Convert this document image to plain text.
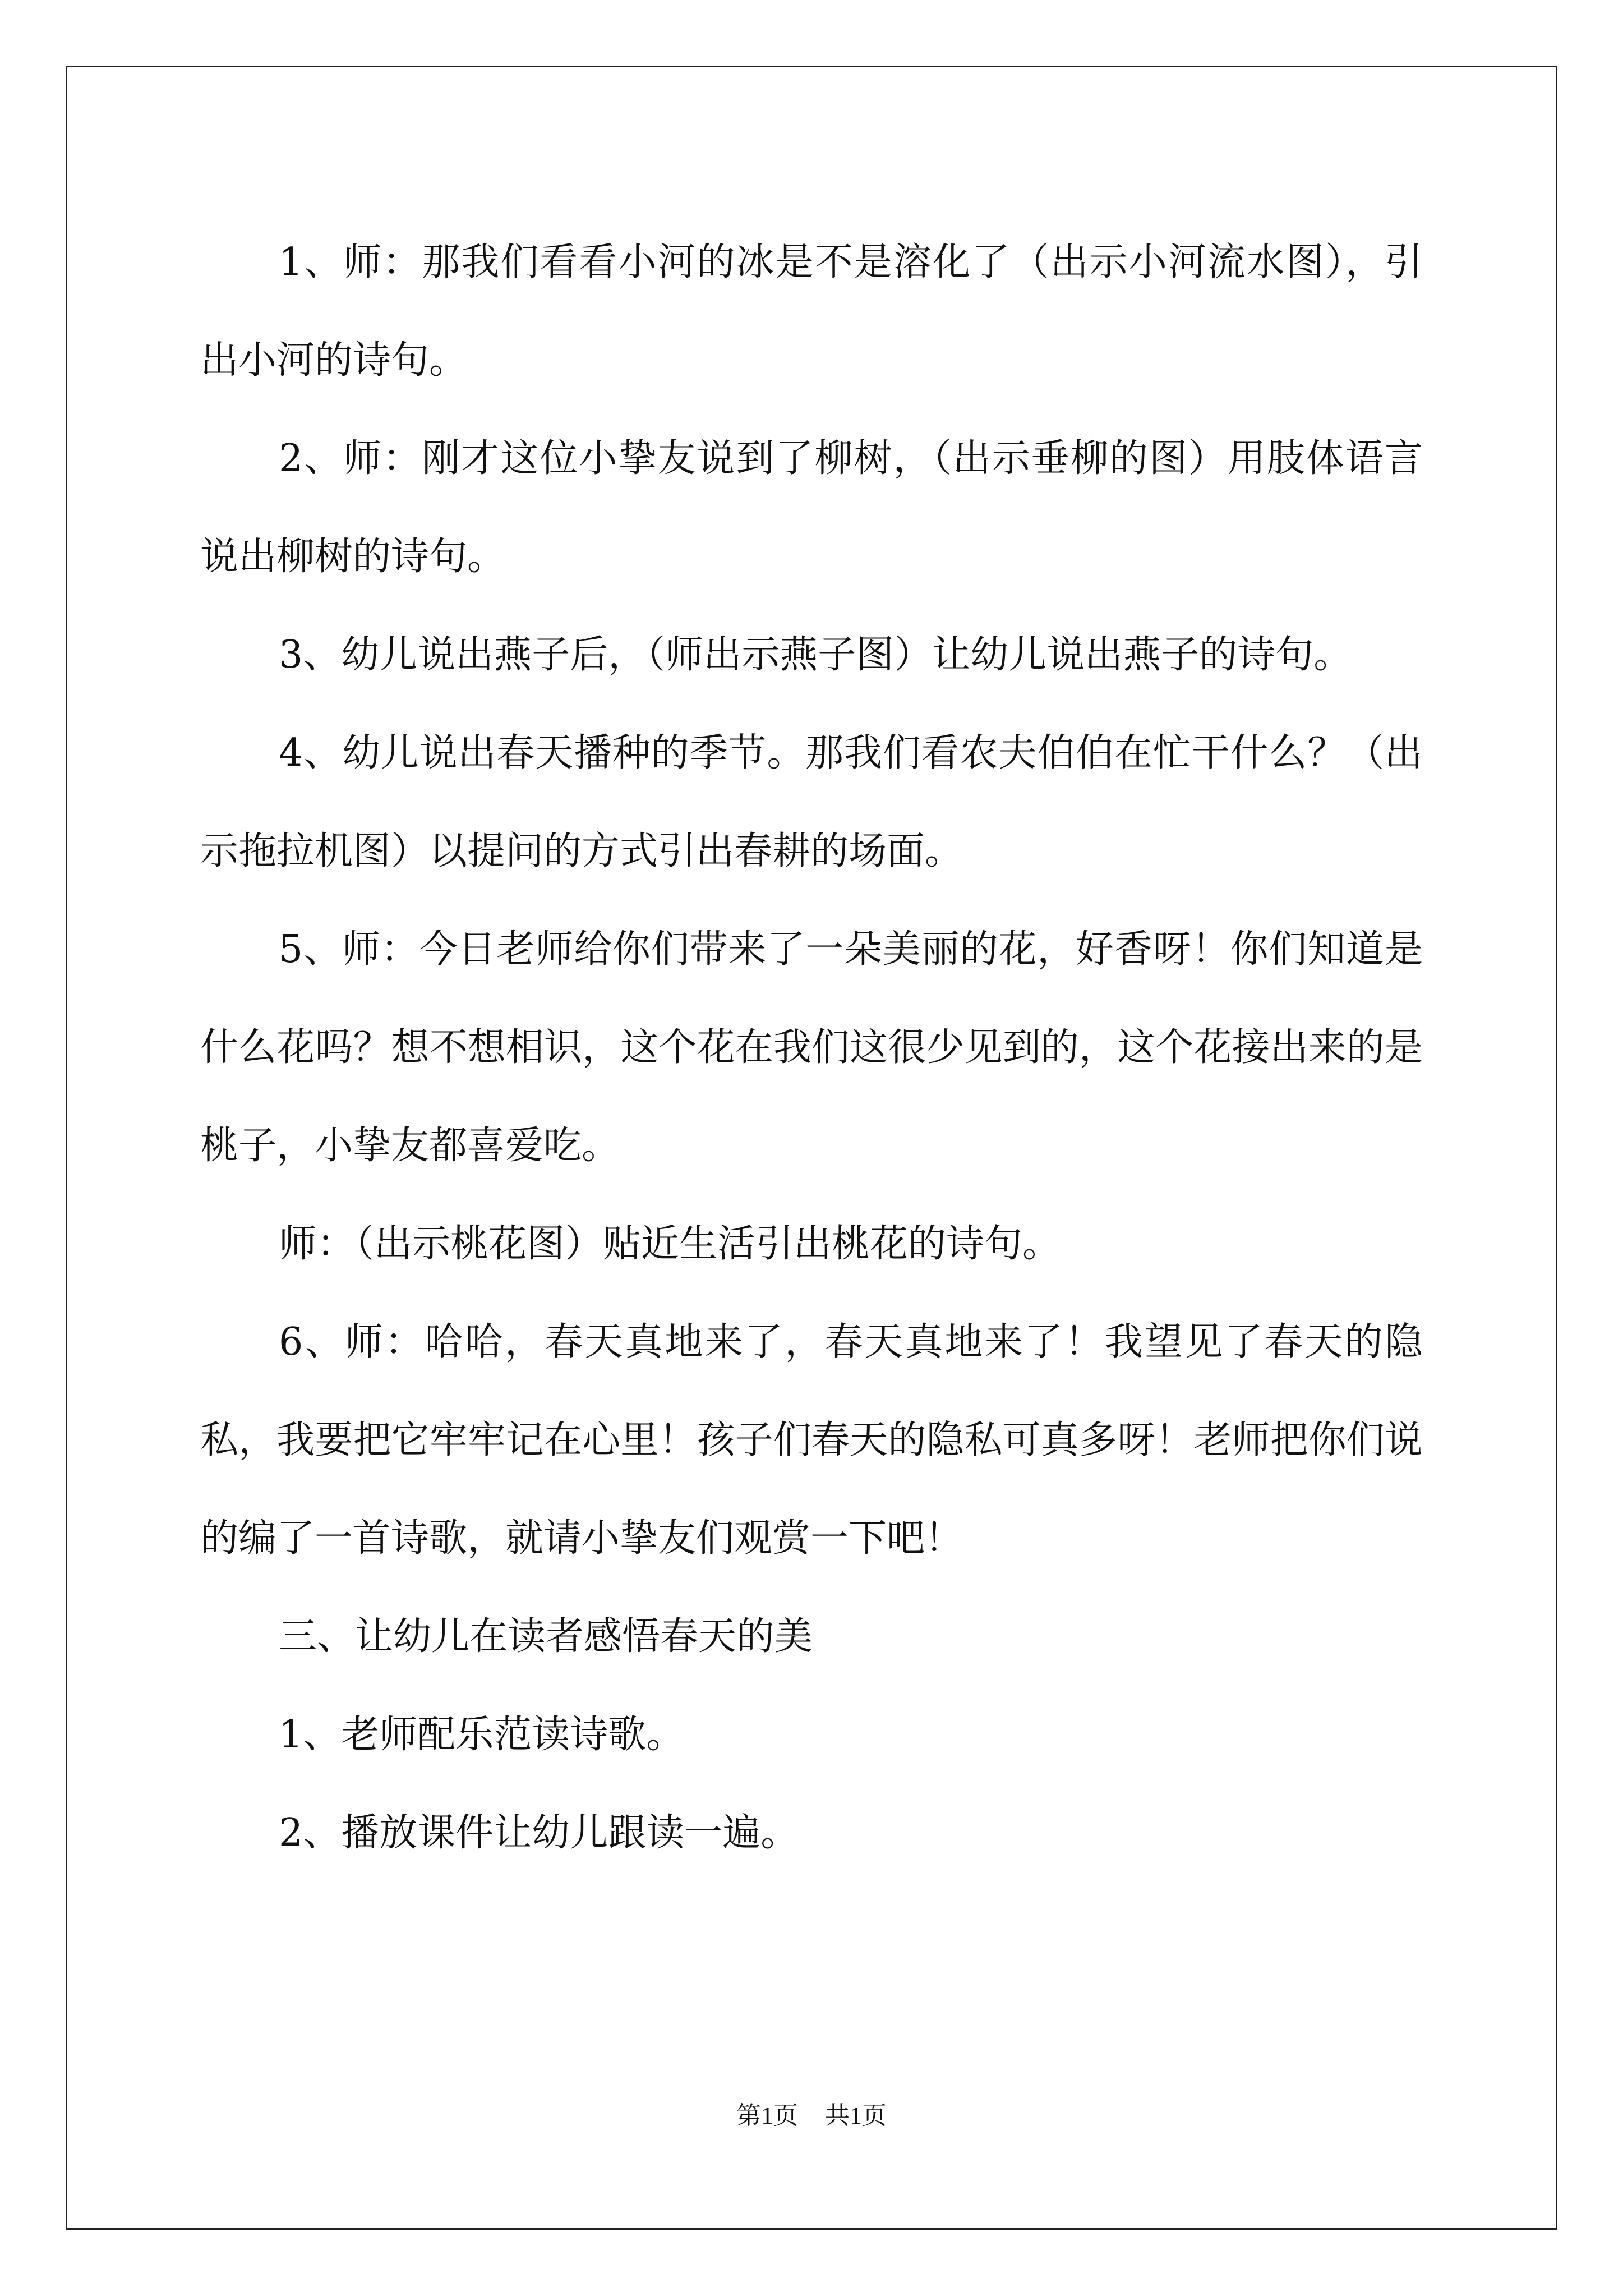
1、师：那我们看看小河的冰是不是溶化了（出示小河流水图），引出小河的诗句。

2、师：刚才这位小挚友说到了柳树，（出示垂柳的图）用肢体语言说出柳树的诗句。

3、幼儿说出燕子后，（师出示燕子图）让幼儿说出燕子的诗句。

4、幼儿说出春天播种的季节。那我们看农夫伯伯在忙干什么？（出示拖拉机图）以提问的方式引出春耕的场面。

5、师：今日老师给你们带来了一朵美丽的花，好香呀！你们知道是什么花吗？想不想相识，这个花在我们这很少见到的，这个花接出来的是桃子，小挚友都喜爱吃。

师：（出示桃花图）贴近生活引出桃花的诗句。

6、师：哈哈，春天真地来了，春天真地来了！我望见了春天的隐私，我要把它牢牢记在心里！孩子们春天的隐私可真多呀！老师把你们说的编了一首诗歌，就请小挚友们观赏一下吧！

三、让幼儿在读者感悟春天的美

1、老师配乐范读诗歌。

2、播放课件让幼儿跟读一遍。

第1页 共1页
